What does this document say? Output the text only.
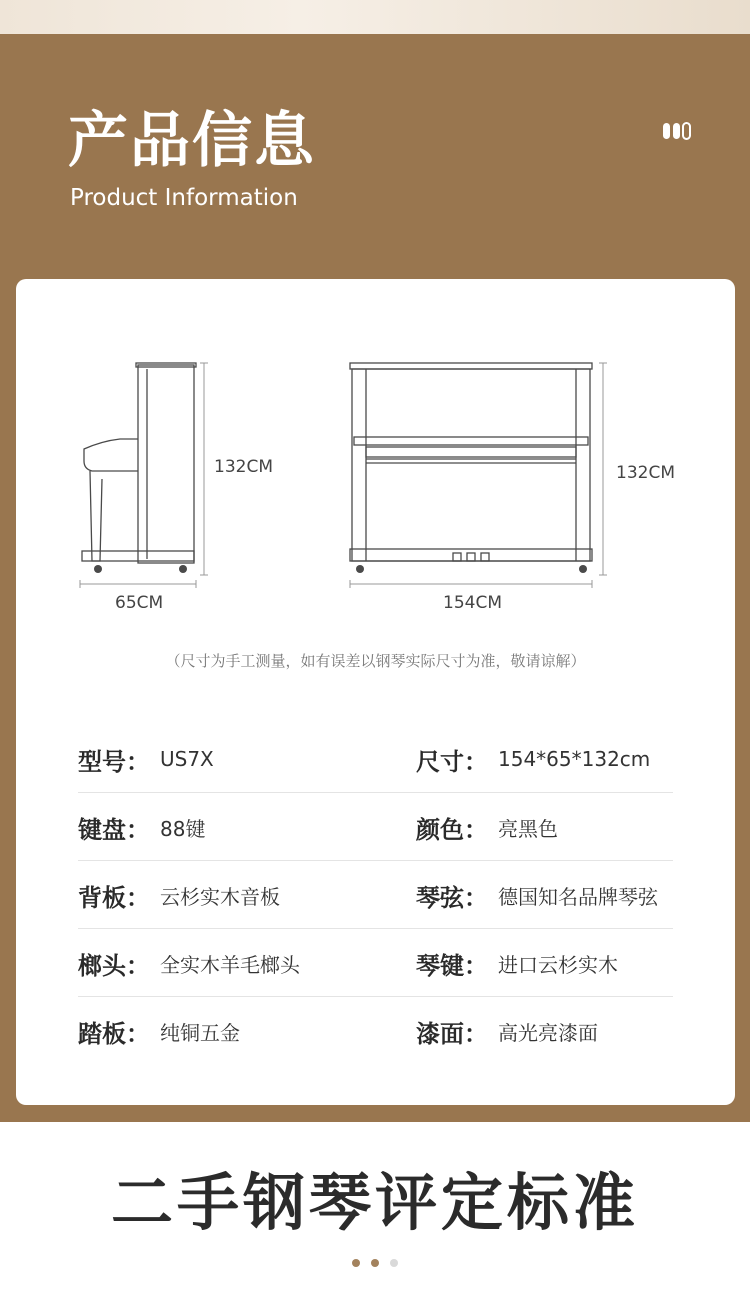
产品信息
Product Information
132CM
65CM
132CM
154CM
（尺寸为手工测量，如有误差以钢琴实际尺寸为准，敬请谅解）
型号 ： US7X	尺寸 ： 154*65*132cm
键盘 ： 88键	颜色 ： 亮黑色
背板 ： 云杉实木音板	琴弦 ： 德国知名品牌琴弦
榔头 ： 全实木羊毛榔头	琴键 ： 进口云杉实木
踏板 ： 纯铜五金	漆面 ： 高光亮漆面
二手钢琴评定标准
